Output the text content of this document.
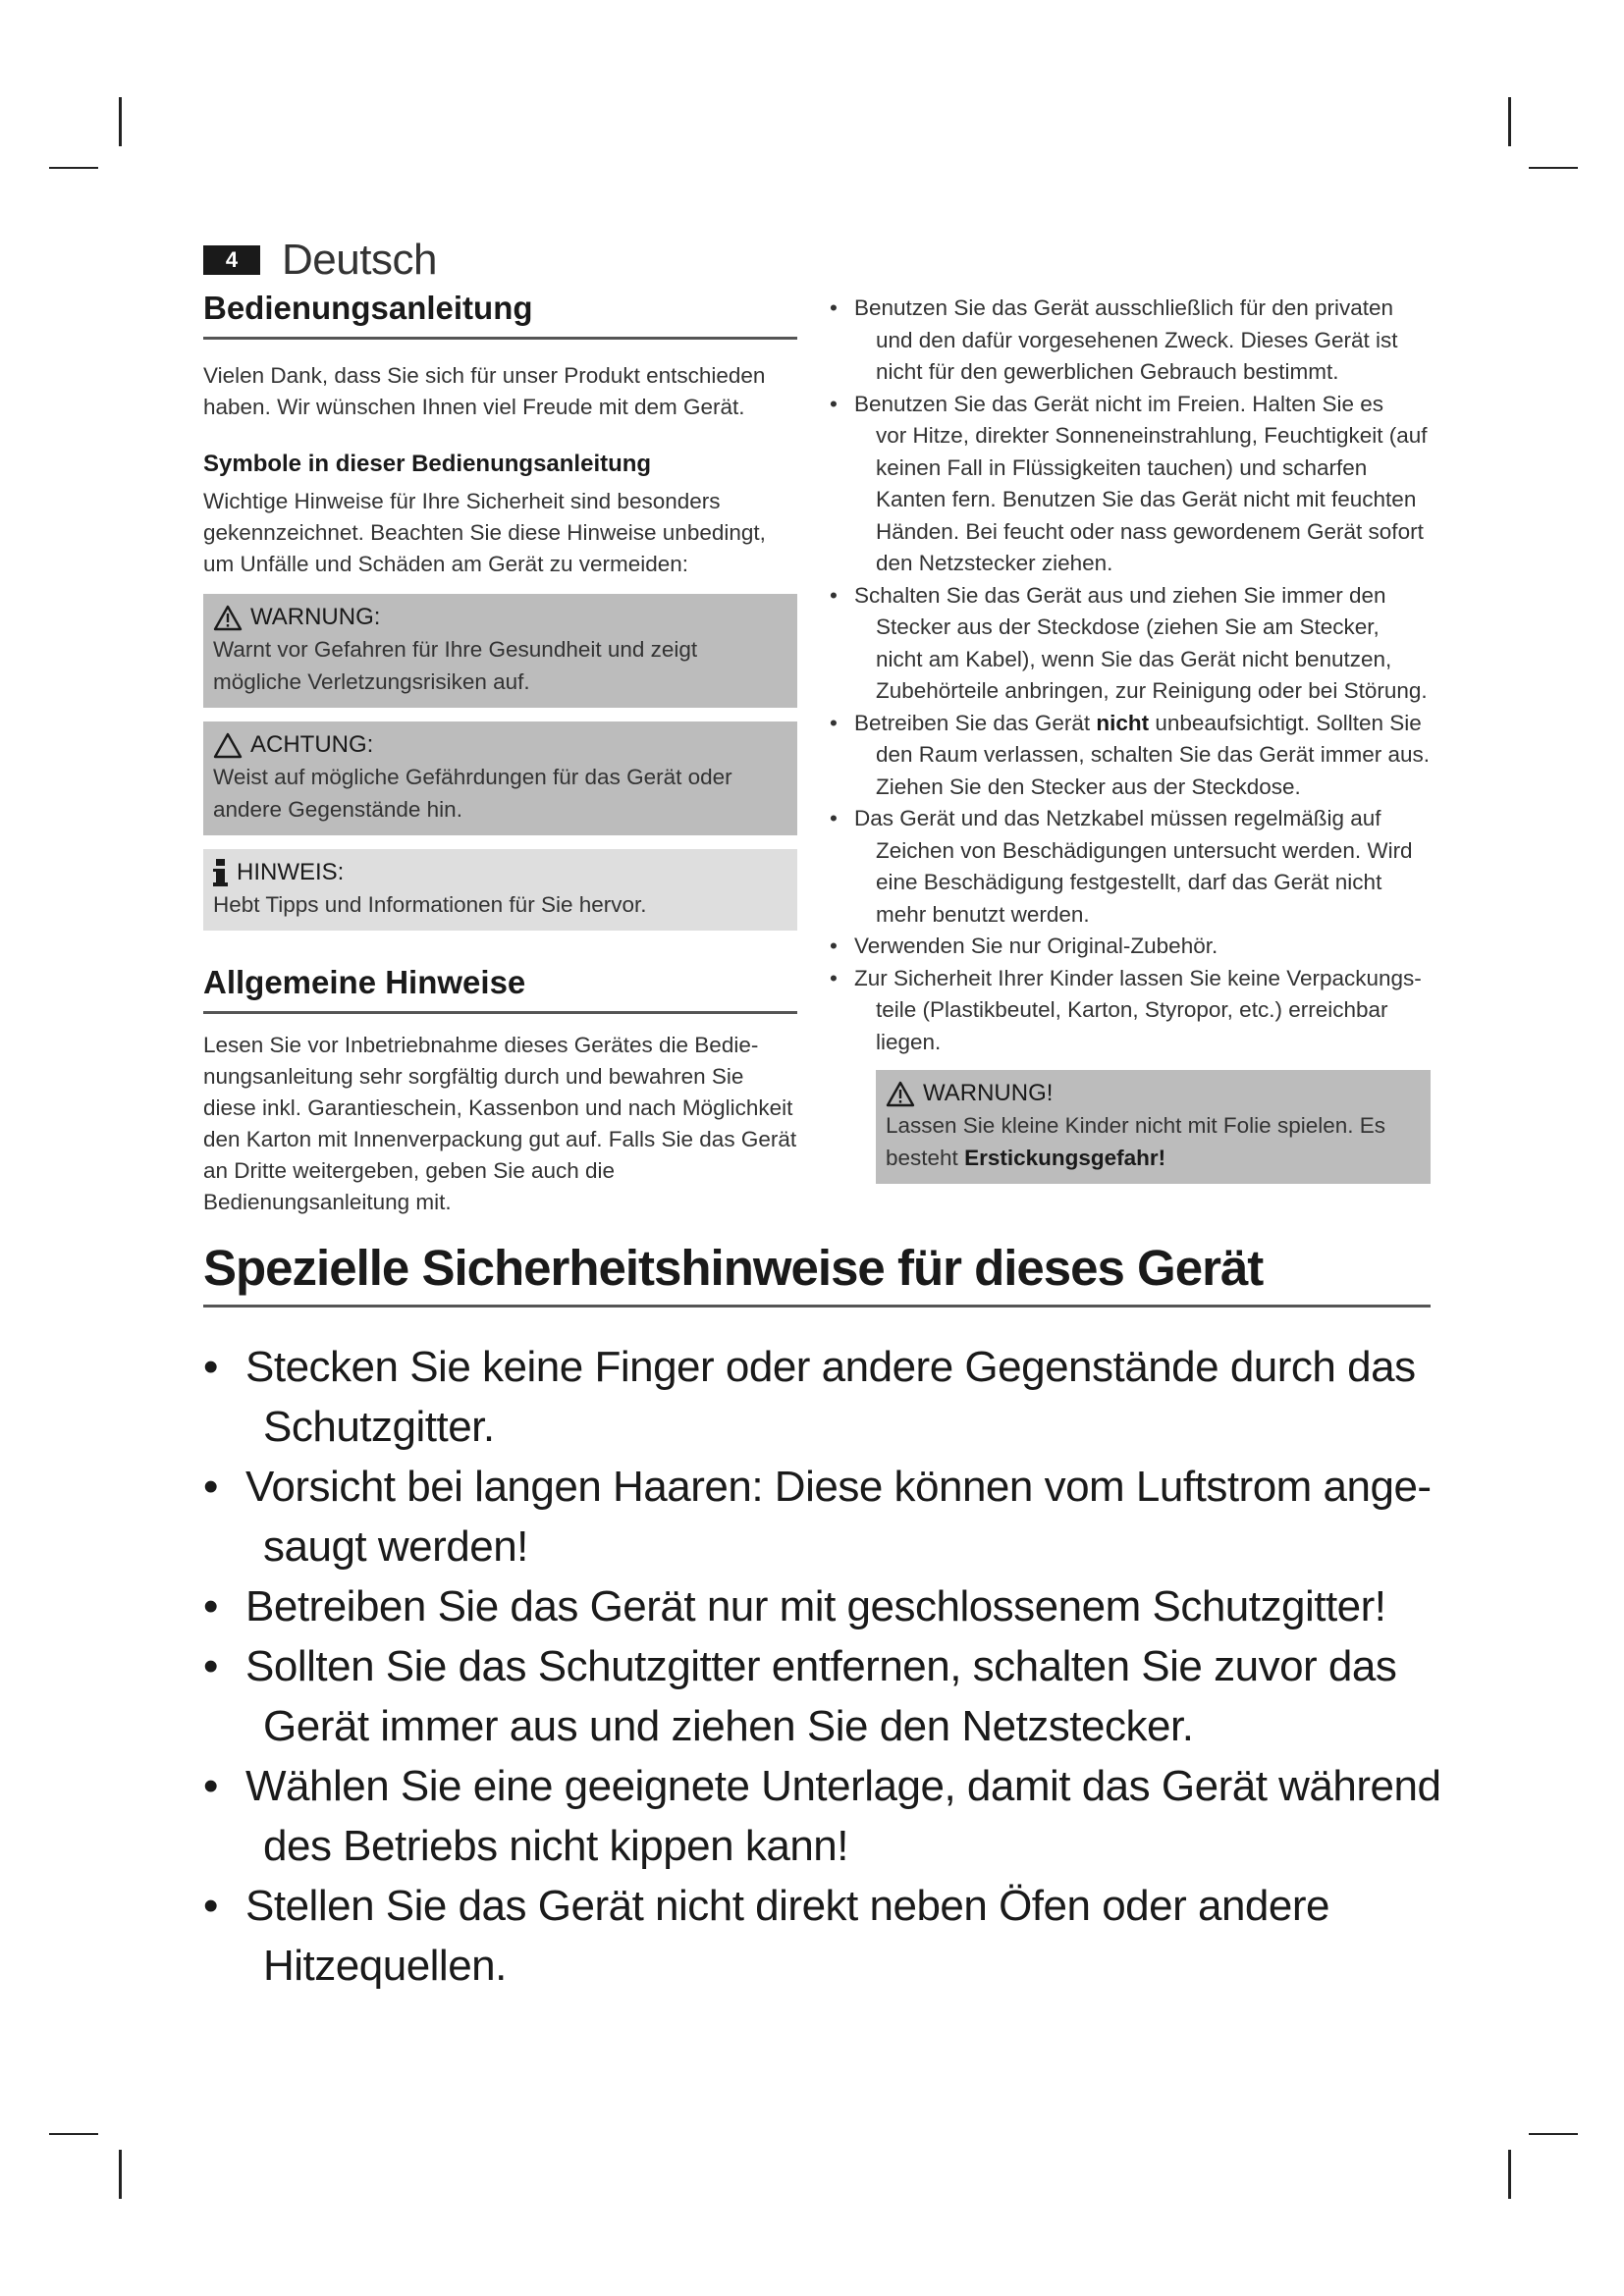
4	Deutsch
Bedienungsanleitung

Vielen Dank, dass Sie sich für unser Produkt entschieden haben. Wir wünschen Ihnen viel Freude mit dem Gerät.

Symbole in dieser Bedienungsanleitung

Wichtige Hinweise für Ihre Sicherheit sind besonders gekennzeichnet. Beachten Sie diese Hinweise unbedingt, um Unfälle und Schäden am Gerät zu vermeiden:

WARNUNG:
Warnt vor Gefahren für Ihre Gesundheit und zeigt mögliche Verletzungsrisiken auf.
ACHTUNG:
Weist auf mögliche Gefährdungen für das Gerät oder andere Gegenstände hin.
HINWEIS:
Hebt Tipps und Informationen für Sie hervor.
Allgemeine Hinweise

Lesen Sie vor Inbetriebnahme dieses Gerätes die Bedienungsanleitung sehr sorgfältig durch und bewahren Sie diese inkl. Garantieschein, Kassenbon und nach Möglichkeit den Karton mit Innenverpackung gut auf. Falls Sie das Gerät an Dritte weitergeben, geben Sie auch die Bedienungsanleitung mit.

• Benutzen Sie das Gerät ausschließlich für den privaten
und den dafür vorgesehenen Zweck. Dieses Gerät ist nicht für den gewerblichen Gebrauch bestimmt.
• Benutzen Sie das Gerät nicht im Freien. Halten Sie es
vor Hitze, direkter Sonneneinstrahlung, Feuchtigkeit (auf keinen Fall in Flüssigkeiten tauchen) und scharfen Kanten fern. Benutzen Sie das Gerät nicht mit feuchten Händen. Bei feucht oder nass gewordenem Gerät sofort den Netzstecker ziehen.
• Schalten Sie das Gerät aus und ziehen Sie immer den
Stecker aus der Steckdose (ziehen Sie am Stecker, nicht am Kabel), wenn Sie das Gerät nicht benutzen, Zubehörteile anbringen, zur Reinigung oder bei Störung.
• Betreiben Sie das Gerät nicht unbeaufsichtigt. Sollten Sie
den Raum verlassen, schalten Sie das Gerät immer aus. Ziehen Sie den Stecker aus der Steckdose.
• Das Gerät und das Netzkabel müssen regelmäßig auf
Zeichen von Beschädigungen untersucht werden. Wird eine Beschädigung festgestellt, darf das Gerät nicht mehr benutzt werden.
• Verwenden Sie nur Original-Zubehör.
• Zur Sicherheit Ihrer Kinder lassen Sie keine Verpackungs-
teile (Plastikbeutel, Karton, Styropor, etc.) erreichbar liegen.
WARNUNG!
Lassen Sie kleine Kinder nicht mit Folie spielen. Es besteht Erstickungsgefahr!
Spezielle Sicherheitshinweise für dieses Gerät
• Stecken Sie keine Finger oder andere Gegenstände durch das
Schutzgitter.
• Vorsicht bei langen Haaren: Diese können vom Luftstrom ange-
saugt werden!
• Betreiben Sie das Gerät nur mit geschlossenem Schutzgitter!
• Sollten Sie das Schutzgitter entfernen, schalten Sie zuvor das
Gerät immer aus und ziehen Sie den Netzstecker.
• Wählen Sie eine geeignete Unterlage, damit das Gerät während
des Betriebs nicht kippen kann!
• Stellen Sie das Gerät nicht direkt neben Öfen oder andere
Hitzequellen.
